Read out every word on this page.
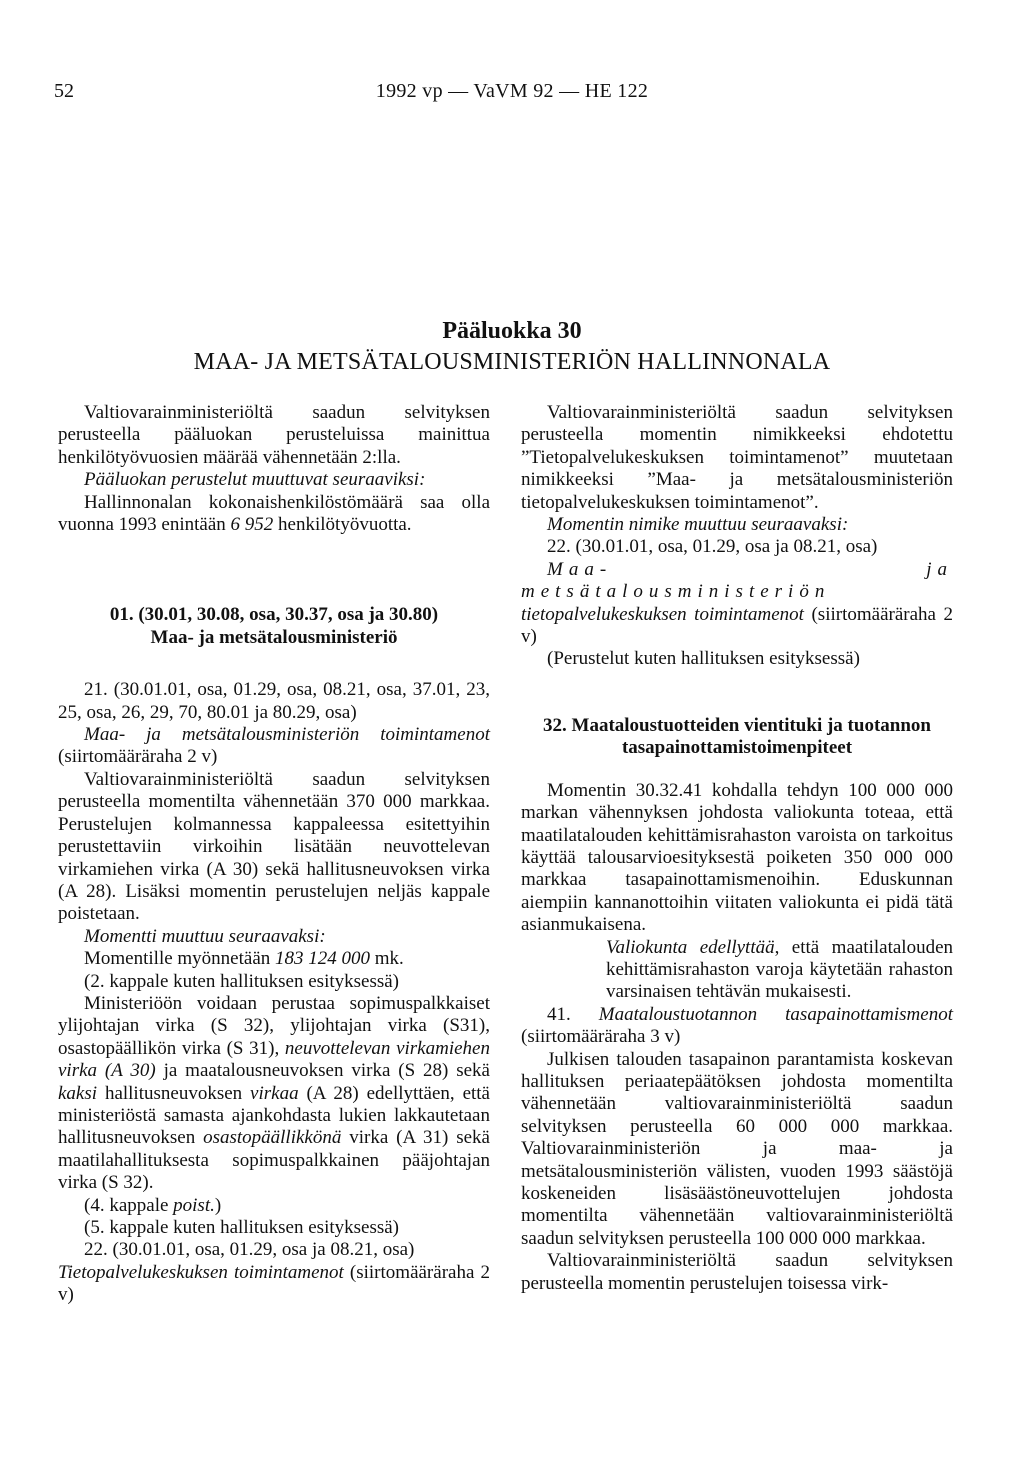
52	1992 vp — VaVM 92 — HE 122
Pääluokka 30
MAA- JA METSÄTALOUSMINISTERIÖN HALLINNONALA

Valtiovarainministeriöltä saadun selvityksen perusteella pääluokan perusteluissa mainittua henkilötyövuosien määrää vähennetään 2:lla.

Pääluokan perustelut muuttuvat seuraaviksi:

Hallinnonalan kokonaishenkilöstömäärä saa olla vuonna 1993 enintään 6 952 henkilötyövuotta.

01. (30.01, 30.08, osa, 30.37, osa ja 30.80)

Maa- ja metsätalousministeriö

21. (30.01.01, osa, 01.29, osa, 08.21, osa, 37.01, 23, 25, osa, 26, 29, 70, 80.01 ja 80.29, osa)

Maa- ja metsätalousministeriön toimintamenot (siirtomääräraha 2 v)

Valtiovarainministeriöltä saadun selvityksen perusteella momentilta vähennetään 370 000 markkaa. Perustelujen kolmannessa kappaleessa esitettyihin perustettaviin virkoihin lisätään neuvottelevan virkamiehen virka (A 30) sekä hallitusneuvoksen virka (A 28). Lisäksi momentin perustelujen neljäs kappale poistetaan.

Momentti muuttuu seuraavaksi:

Momentille myönnetään 183 124 000 mk.

(2. kappale kuten hallituksen esityksessä)

Ministeriöön voidaan perustaa sopimuspalkkaiset ylijohtajan virka (S 32), ylijohtajan virka (S31), osastopäällikön virka (S 31), neuvottelevan virkamiehen virka (A 30) ja maatalousneuvoksen virka (S 28) sekä kaksi hallitusneuvoksen virkaa (A 28) edellyttäen, että ministeriöstä samasta ajankohdasta lukien lakkautetaan hallitusneuvoksen osastopäällikkönä virka (A 31) sekä maatilahallituksesta sopimuspalkkainen pääjohtajan virka (S 32).

(4. kappale poist.)

(5. kappale kuten hallituksen esityksessä)

22. (30.01.01, osa, 01.29, osa ja 08.21, osa)

Tietopalvelukeskuksen toimintamenot (siirtomääräraha 2 v)

Valtiovarainministeriöltä saadun selvityksen perusteella momentin nimikkeeksi ehdotettu ”Tietopalvelukeskuksen toimintamenot” muutetaan nimikkeeksi ”Maa- ja metsätalousministeriön tietopalvelukeskuksen toimintamenot”.

Momentin nimike muuttuu seuraavaksi:

22. (30.01.01, osa, 01.29, osa ja 08.21, osa)

Maa- ja metsätalousministeriön tietopalvelukeskuksen toimintamenot (siirtomääräraha 2 v)

(Perustelut kuten hallituksen esityksessä)

32. Maataloustuotteiden vientituki ja tuotannon

tasapainottamistoimenpiteet

Momentin 30.32.41 kohdalla tehdyn 100 000 000 markan vähennyksen johdosta valiokunta toteaa, että maatilatalouden kehittämisrahaston varoista on tarkoitus käyttää talousarvioesityksestä poiketen 350 000 000 markkaa tasapainottamismenoihin. Eduskunnan aiempiin kannanottoihin viitaten valiokunta ei pidä tätä asianmukaisena.

Valiokunta edellyttää, että maatilatalouden kehittämisrahaston varoja käytetään rahaston varsinaisen tehtävän mukaisesti.

41. Maataloustuotannon tasapainottamismenot (siirtomääräraha 3 v)

Julkisen talouden tasapainon parantamista koskevan hallituksen periaatepäätöksen johdosta momentilta vähennetään valtiovarainministeriöltä saadun selvityksen perusteella 60 000 000 markkaa. Valtiovarainministeriön ja maa- ja metsätalousministeriön välisten, vuoden 1993 säästöjä koskeneiden lisäsäästöneuvottelujen johdosta momentilta vähennetään valtiovarainministeriöltä saadun selvityksen perusteella 100 000 000 markkaa.

Valtiovarainministeriöltä saadun selvityksen perusteella momentin perustelujen toisessa virk-
